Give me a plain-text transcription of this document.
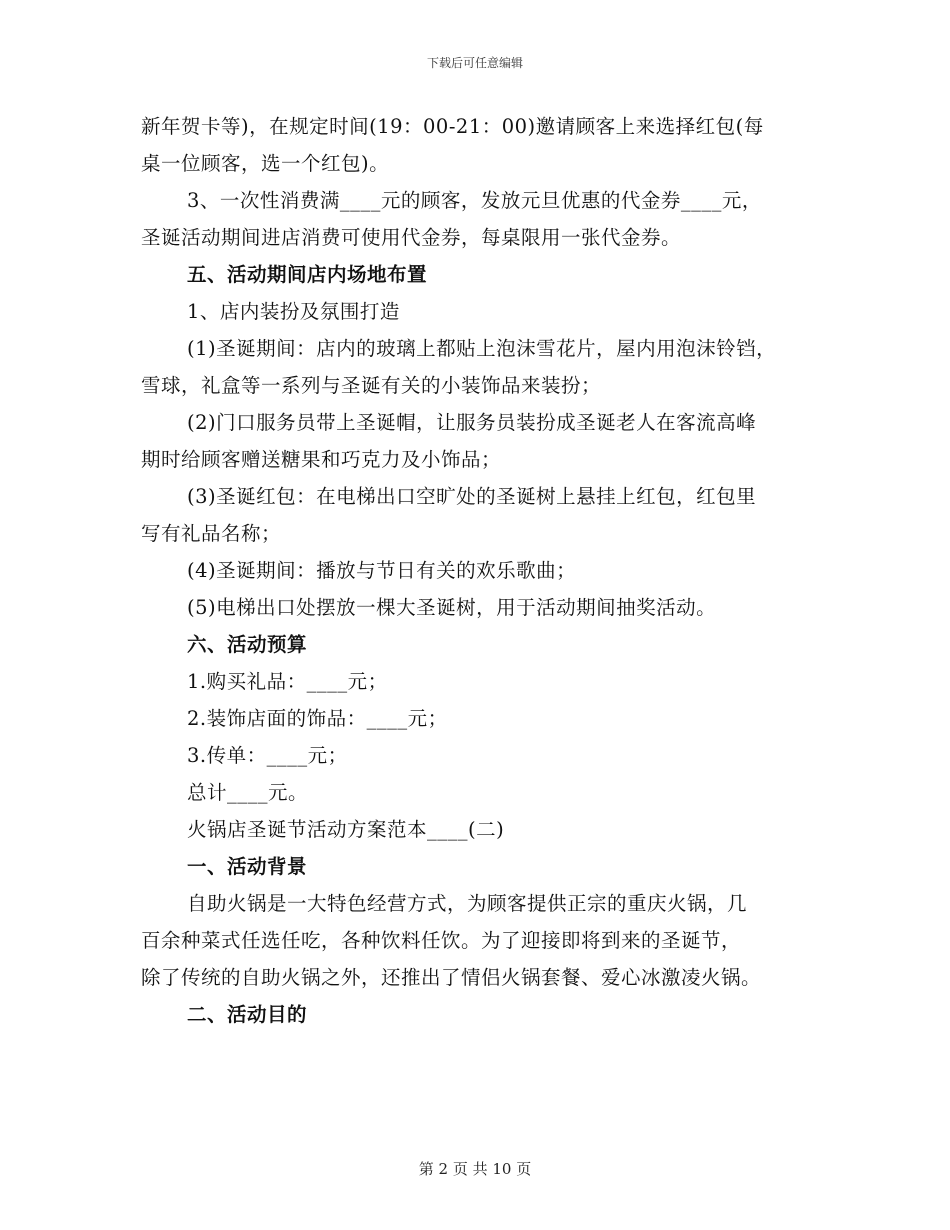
下载后可任意编辑
新年贺卡等)，在规定时间(19：00-21：00)邀请顾客上来选择红包(每
桌一位顾客，选一个红包)。
3、一次性消费满____元的顾客，发放元旦优惠的代金券____元，
圣诞活动期间进店消费可使用代金券，每桌限用一张代金券。
五、活动期间店内场地布置
1、店内装扮及氛围打造
(1)圣诞期间：店内的玻璃上都贴上泡沫雪花片，屋内用泡沫铃铛，
雪球，礼盒等一系列与圣诞有关的小装饰品来装扮；
(2)门口服务员带上圣诞帽，让服务员装扮成圣诞老人在客流高峰
期时给顾客赠送糖果和巧克力及小饰品；
(3)圣诞红包：在电梯出口空旷处的圣诞树上悬挂上红包，红包里
写有礼品名称；
(4)圣诞期间：播放与节日有关的欢乐歌曲；
(5)电梯出口处摆放一棵大圣诞树，用于活动期间抽奖活动。
六、活动预算
1.购买礼品：____元；
2.装饰店面的饰品：____元；
3.传单：____元；
总计____元。
火锅店圣诞节活动方案范本____(二)
一、活动背景
自助火锅是一大特色经营方式，为顾客提供正宗的重庆火锅，几
百余种菜式任选任吃，各种饮料任饮。为了迎接即将到来的圣诞节，
除了传统的自助火锅之外，还推出了情侣火锅套餐、爱心冰激凌火锅。
二、活动目的
第 2 页 共 10 页
